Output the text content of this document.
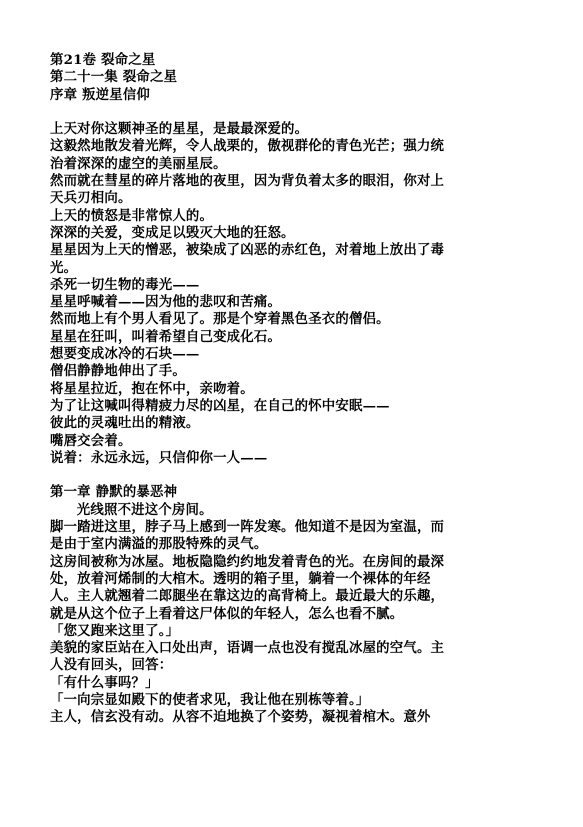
第21卷 裂命之星
第二十一集 裂命之星
序章 叛逆星信仰
上天对你这颗神圣的星星，是最最深爱的。
这毅然地散发着光辉，令人战栗的，傲视群伦的青色光芒；强力统
治着深深的虚空的美丽星辰。
然而就在彗星的碎片落地的夜里，因为背负着太多的眼泪，你对上
天兵刃相向。
上天的愤怒是非常惊人的。
深深的关爱，变成足以毁灭大地的狂怒。
星星因为上天的憎恶，被染成了凶恶的赤红色，对着地上放出了毒
光。
杀死一切生物的毒光——
星星呼喊着——因为他的悲叹和苦痛。
然而地上有个男人看见了。那是个穿着黑色圣衣的僧侣。
星星在狂叫，叫着希望自己变成化石。
想要变成冰冷的石块——
僧侣静静地伸出了手。
将星星拉近，抱在怀中，亲吻着。
为了让这喊叫得精疲力尽的凶星，在自己的怀中安眠——
彼此的灵魂吐出的精液。
嘴唇交会着。
说着：永远永远，只信仰你一人——
第一章 静默的暴恶神
光线照不进这个房间。
脚一踏进这里，脖子马上感到一阵发寒。他知道不是因为室温，而
是由于室内满溢的那股特殊的灵气。
这房间被称为冰屋。地板隐隐约约地发着青色的光。在房间的最深
处，放着河烯制的大棺木。透明的箱子里，躺着一个裸体的年经
人。主人就翘着二郎腿坐在靠这边的高背椅上。最近最大的乐趣，
就是从这个位子上看着这尸体似的年轻人，怎么也看不腻。
「您又跑来这里了。」
美貌的家臣站在入口处出声，语调一点也没有搅乱冰屋的空气。主
人没有回头，回答：
「有什么事吗？」
「一向宗显如殿下的使者求见，我让他在别栋等着。」
主人，信玄没有动。从容不迫地换了个姿势，凝视着棺木。意外
